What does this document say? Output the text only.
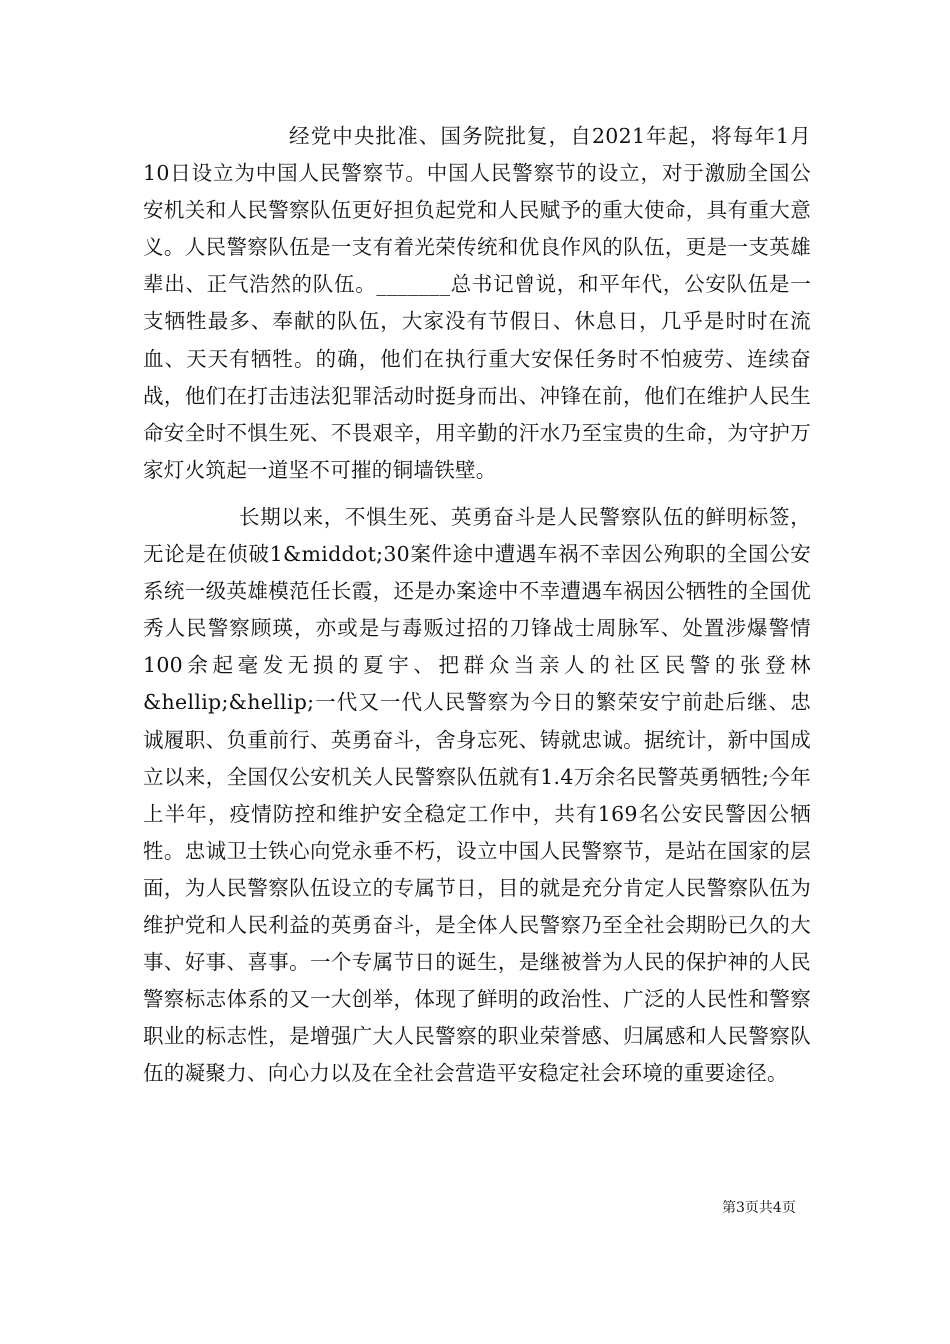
经党中央批准、国务院批复，自2021年起，将每年1月10日设立为中国人民警察节。中国人民警察节的设立，对于激励全国公安机关和人民警察队伍更好担负起党和人民赋予的重大使命，具有重大意义。人民警察队伍是一支有着光荣传统和优良作风的队伍，更是一支英雄辈出、正气浩然的队伍。_______总书记曾说，和平年代，公安队伍是一支牺牲最多、奉献的队伍，大家没有节假日、休息日，几乎是时时在流血、天天有牺牲。的确，他们在执行重大安保任务时不怕疲劳、连续奋战，他们在打击违法犯罪活动时挺身而出、冲锋在前，他们在维护人民生命安全时不惧生死、不畏艰辛，用辛勤的汗水乃至宝贵的生命，为守护万家灯火筑起一道坚不可摧的铜墙铁壁。

长期以来，不惧生死、英勇奋斗是人民警察队伍的鲜明标签，无论是在侦破1&middot;30案件途中遭遇车祸不幸因公殉职的全国公安系统一级英雄模范任长霞，还是办案途中不幸遭遇车祸因公牺牲的全国优秀人民警察顾瑛，亦或是与毒贩过招的刀锋战士周脉军、处置涉爆警情100余起毫发无损的夏宇、把群众当亲人的社区民警的张登林&hellip;&hellip;一代又一代人民警察为今日的繁荣安宁前赴后继、忠诚履职、负重前行、英勇奋斗，舍身忘死、铸就忠诚。据统计，新中国成立以来，全国仅公安机关人民警察队伍就有1.4万余名民警英勇牺牲;今年上半年，疫情防控和维护安全稳定工作中，共有169名公安民警因公牺牲。忠诚卫士铁心向党永垂不朽，设立中国人民警察节，是站在国家的层面，为人民警察队伍设立的专属节日，目的就是充分肯定人民警察队伍为维护党和人民利益的英勇奋斗，是全体人民警察乃至全社会期盼已久的大事、好事、喜事。一个专属节日的诞生，是继被誉为人民的保护神的人民警察标志体系的又一大创举，体现了鲜明的政治性、广泛的人民性和警察职业的标志性，是增强广大人民警察的职业荣誉感、归属感和人民警察队伍的凝聚力、向心力以及在全社会营造平安稳定社会环境的重要途径。

第3页共4页
